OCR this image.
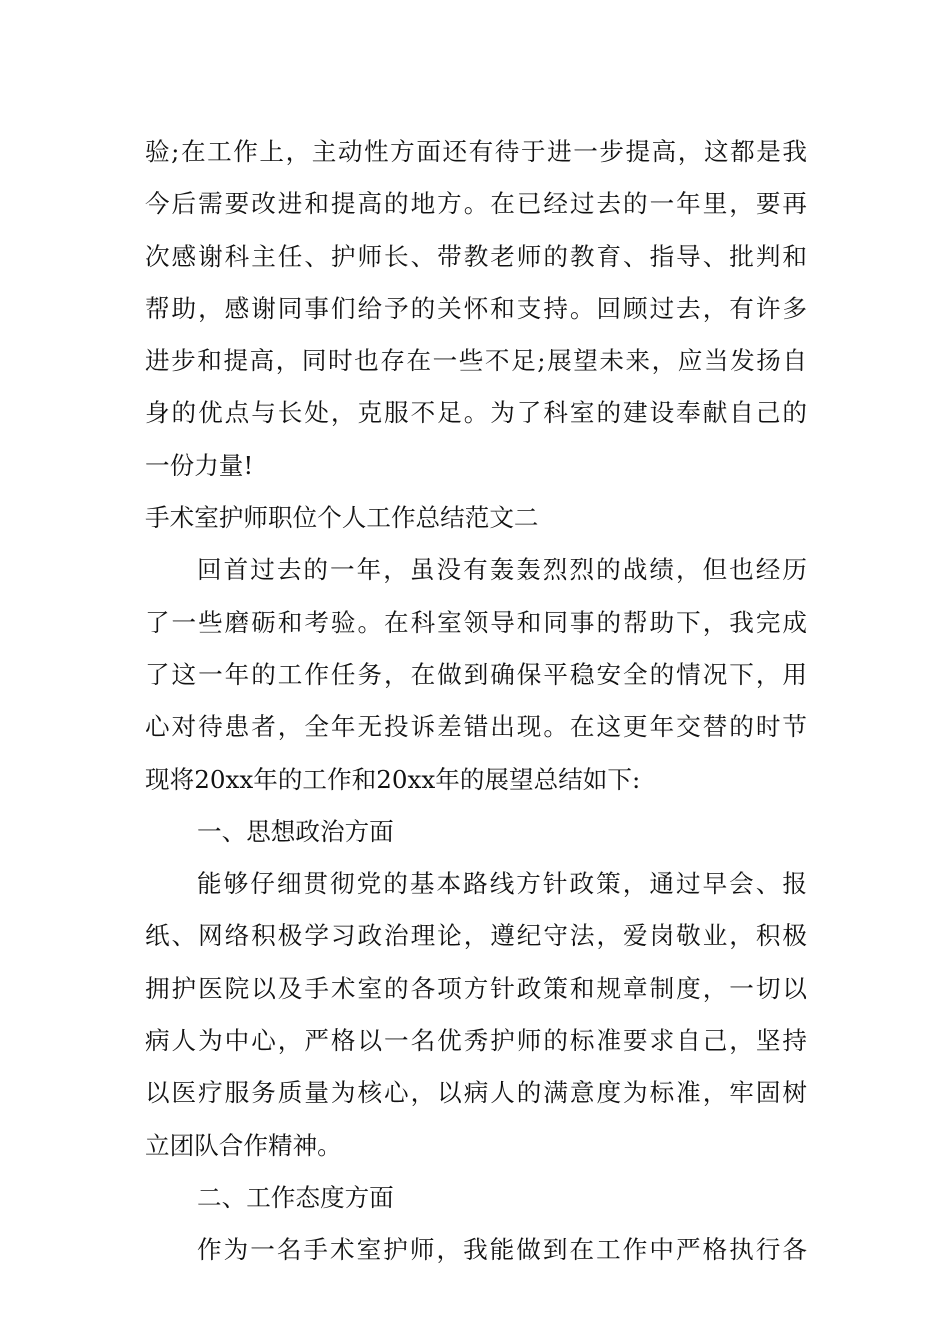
验;在工作上，主动性方面还有待于进一步提高，这都是我
今后需要改进和提高的地方。在已经过去的一年里，要再
次感谢科主任、护师长、带教老师的教育、指导、批判和
帮助，感谢同事们给予的关怀和支持。回顾过去，有许多
进步和提高，同时也存在一些不足;展望未来，应当发扬自
身的优点与长处，克服不足。为了科室的建设奉献自己的
一份力量!
手术室护师职位个人工作总结范文二
回首过去的一年，虽没有轰轰烈烈的战绩，但也经历
了一些磨砺和考验。在科室领导和同事的帮助下，我完成
了这一年的工作任务，在做到确保平稳安全的情况下，用
心对待患者，全年无投诉差错出现。在这更年交替的时节
现将20xx年的工作和20xx年的展望总结如下:
一、思想政治方面
能够仔细贯彻党的基本路线方针政策，通过早会、报
纸、网络积极学习政治理论，遵纪守法，爱岗敬业，积极
拥护医院以及手术室的各项方针政策和规章制度，一切以
病人为中心，严格以一名优秀护师的标准要求自己，坚持
以医疗服务质量为核心，以病人的满意度为标准，牢固树
立团队合作精神。
二、工作态度方面
作为一名手术室护师，我能做到在工作中严格执行各
